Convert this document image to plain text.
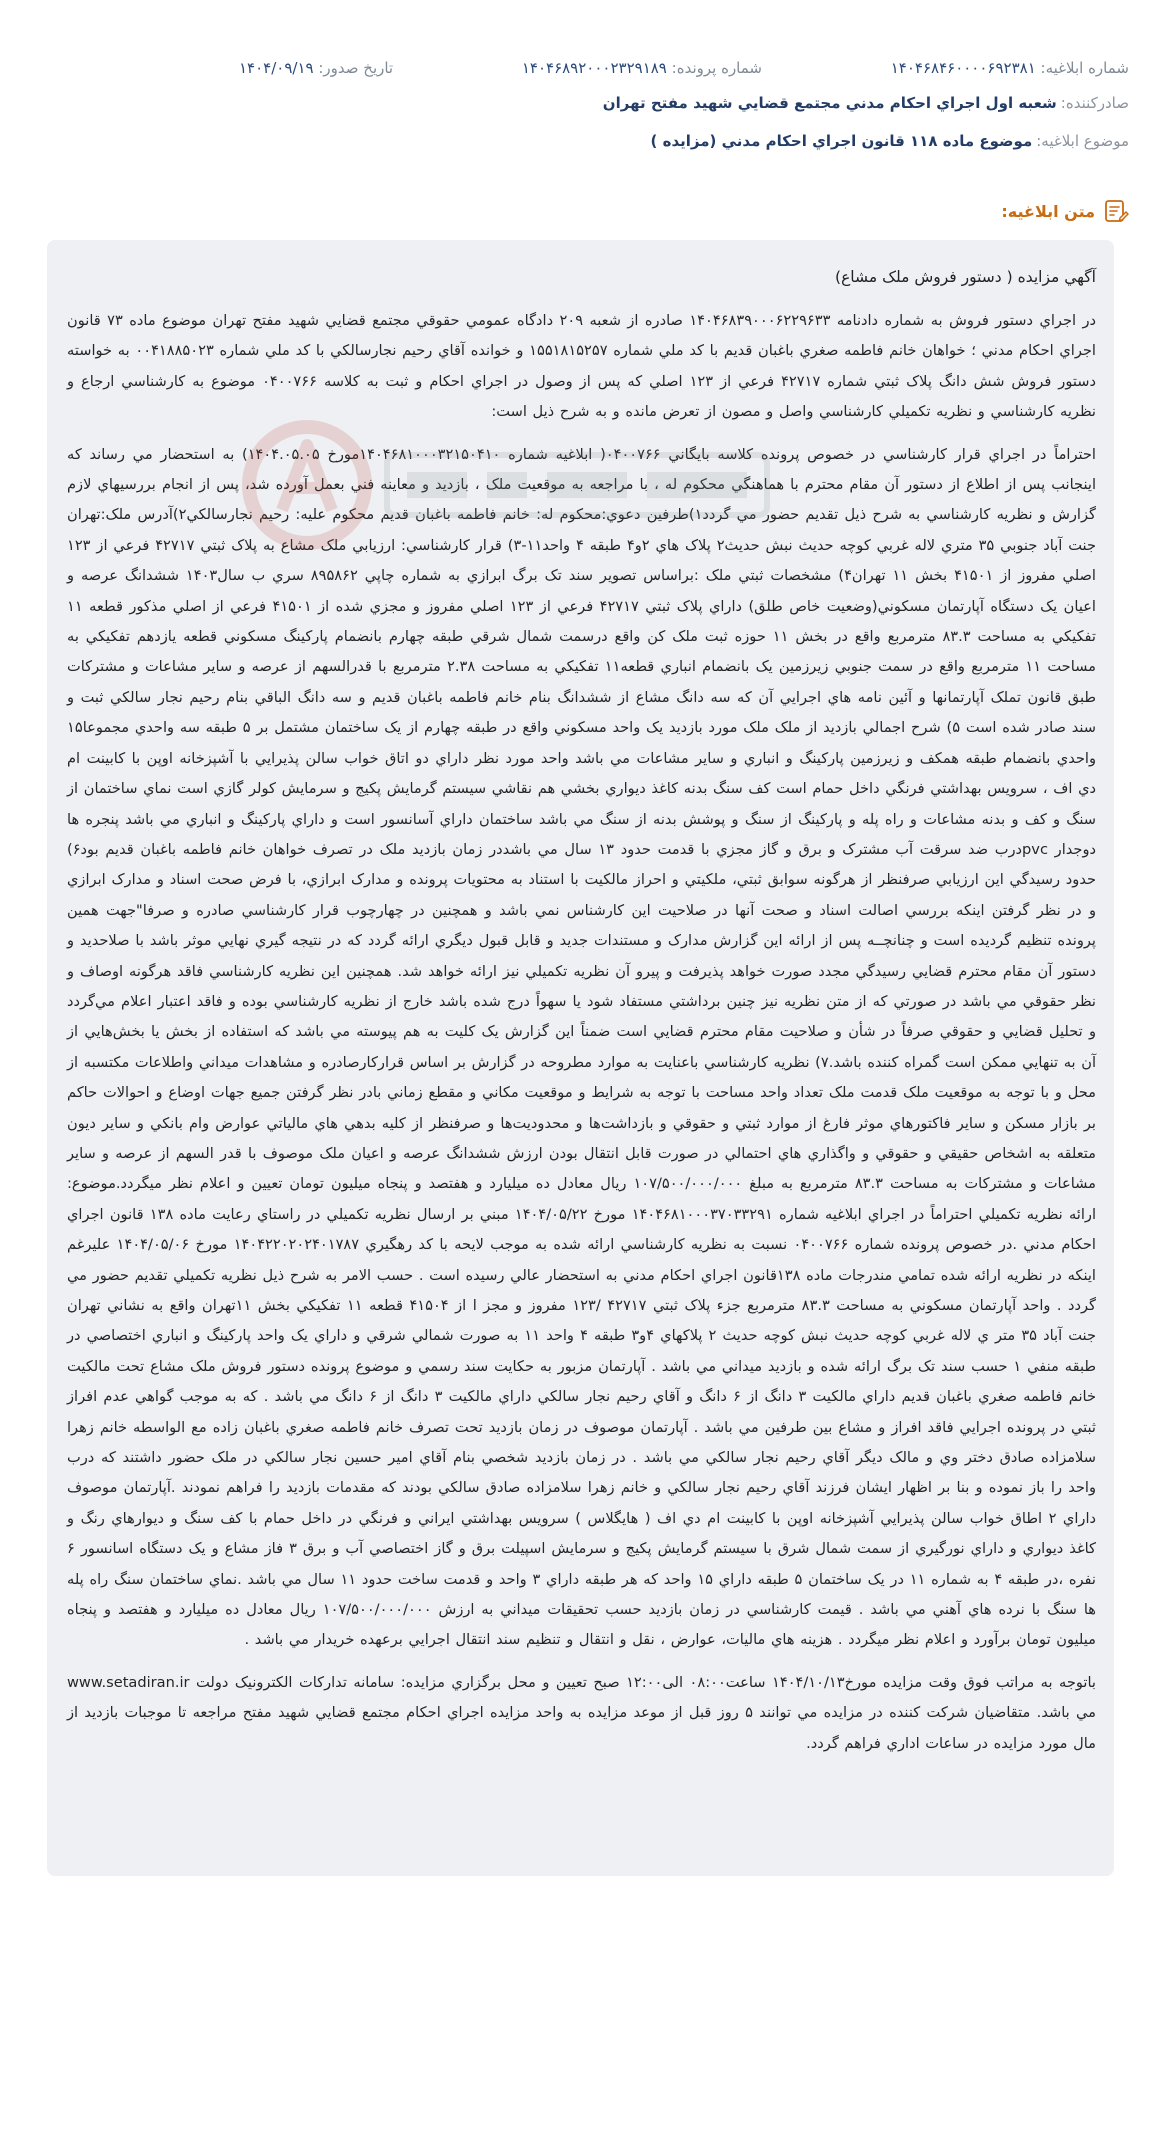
شماره ابلاغيه: ۱۴۰۴۶۸۴۶۰۰۰۰۶۹۲۳۸۱
شماره پرونده: ۱۴۰۴۶۸۹۲۰۰۰۲۳۲۹۱۸۹
تاريخ صدور: ۱۴۰۴/۰۹/۱۹
صادرکننده:
شعبه اول اجراي احكام مدني مجتمع قضايي شهيد مفتح تهران
موضوع ابلاغيه:
موضوع ماده ۱۱۸ قانون اجراي احکام مدني (مزايده )
متن ابلاغيه:
آگهي مزايده ( دستور فروش ملک مشاع)

در اجراي دستور فروش به شماره دادنامه ۱۴۰۴۶۸۳۹۰۰۰۶۲۲۹۶۳۳ صادره از شعبه ۲۰۹ دادگاه عمومي حقوقي مجتمع قضايي شهيد مفتح تهران موضوع ماده ۷۳ قانون اجراي احکام مدني ؛ خواهان خانم فاطمه صغري باغبان قديم با کد ملي شماره ۱۵۵۱۸۱۵۲۵۷ و خوانده آقاي رحيم نجارسالکي با کد ملي شماره ۰۰۴۱۸۸۵۰۲۳ به خواسته دستور فروش شش دانگ پلاک ثبتي شماره ۴۲۷۱۷ فرعي از ۱۲۳ اصلي که پس از وصول در اجراي احکام و ثبت به کلاسه ۰۴۰۰۷۶۶ موضوع به کارشناسي ارجاع و نظريه کارشناسي و نظريه تکميلي کارشناسي واصل و مصون از تعرض مانده و به شرح ذيل است:

احتراماً در اجراي قرار کارشناسي در خصوص پرونده کلاسه بايگاني ۰۴۰۰۷۶۶( ابلاغيه شماره ۱۴۰۴۶۸۱۰۰۰۳۲۱۵۰۴۱۰مورخ ۱۴۰۴.۰۵.۰۵) به استحضار مي رساند که اينجانب پس از اطلاع از دستور آن مقام محترم با هماهنگي محکوم له ، با مراجعه به موقعيت ملک ، بازديد و معاينه فني بعمل آورده شد، پس از انجام بررسيهاي لازم گزارش و نظريه کارشناسي به شرح ذيل تقديم حضور مي گردد۱)طرفين دعوي:محکوم له: خانم فاطمه باغبان قديم محکوم عليه: رحيم نجارسالکي۲)آدرس ملک:تهران جنت آباد جنوبي ۳۵ متري لاله غربي کوچه حديث نبش حديث۲ پلاک هاي ۲و۴ طبقه ۴ واحد۱۱-۳) قرار کارشناسي: ارزيابي ملک مشاع به پلاک ثبتي ۴۲۷۱۷ فرعي از ۱۲۳ اصلي مفروز از ۴۱۵۰۱ بخش ۱۱ تهران۴) مشخصات ثبتي ملک :براساس تصوير سند تک برگ ابرازي به شماره چاپي ۸۹۵۸۶۲ سري ب سال۱۴۰۳ ششدانگ عرصه و اعيان يک دستگاه آپارتمان مسکوني(وضعيت خاص طلق) داراي پلاک ثبتي ۴۲۷۱۷ فرعي از ۱۲۳ اصلي مفروز و مجزي شده از ۴۱۵۰۱ فرعي از اصلي مذکور قطعه ۱۱ تفکيکي به مساحت ۸۳.۳ مترمربع واقع در بخش ۱۱ حوزه ثبت ملک کن واقع درسمت شمال شرقي طبقه چهارم بانضمام پارکينگ مسکوني قطعه يازدهم تفکيکي به مساحت ۱۱ مترمربع واقع در سمت جنوبي زيرزمين يک بانضمام انباري قطعه۱۱ تفکيکي به مساحت ۲.۳۸ مترمربع با قدرالسهم از عرصه و ساير مشاعات و مشترکات طبق قانون تملک آپارتمانها و آئين نامه هاي اجرايي آن که سه دانگ مشاع از ششدانگ بنام خانم فاطمه باغبان قديم و سه دانگ الباقي بنام رحيم نجار سالکي ثبت و سند صادر شده است ۵) شرح اجمالي بازديد از ملک ملک مورد بازديد يک واحد مسکوني واقع در طبقه چهارم از يک ساختمان مشتمل بر ۵ طبقه سه واحدي مجموعا۱۵ واحدي بانضمام طبقه همکف و زيرزمين پارکينگ و انباري و ساير مشاعات مي باشد واحد مورد نظر داراي دو اتاق خواب سالن پذيرايي با آشپزخانه اوپن با کابينت ام دي اف ، سرويس بهداشتي فرنگي داخل حمام است کف سنگ بدنه کاغذ ديواري بخشي هم نقاشي سيستم گرمايش پکيج و سرمايش کولر گازي است نماي ساختمان از سنگ و کف و بدنه مشاعات و راه پله و پارکينگ از سنگ و پوشش بدنه از سنگ مي باشد ساختمان داراي آسانسور است و داراي پارکينگ و انباري مي باشد پنجره ها دوجدار pvcدرب ضد سرقت آب مشترک و برق و گاز مجزي با قدمت حدود ۱۳ سال مي باشددر زمان بازديد ملک در تصرف خواهان خانم فاطمه باغبان قديم بود۶) حدود رسيدگي اين ارزيابي صرفنظر از هرگونه سوابق ثبتي، ملکيتي و احراز مالکيت با استناد به محتويات پرونده و مدارک ابرازي، با فرض صحت اسناد و مدارک ابرازي و در نظر گرفتن اينکه بررسي اصالت اسناد و صحت آنها در صلاحيت اين کارشناس نمي باشد و همچنين در چهارچوب قرار کارشناسي صادره و صرفا"جهت همين پرونده تنظيم گرديده است و چنانچــه پس از ارائه اين گزارش مدارک و مستندات جديد و قابل قبول ديگري ارائه گردد که در نتيجه گيري نهايي موثر باشد با صلاحديد و دستور آن مقام محترم قضايي رسيدگي مجدد صورت خواهد پذيرفت و پيرو آن نظريه تکميلي نيز ارائه خواهد شد. همچنين اين نظريه کارشناسي فاقد هرگونه اوصاف و نظر حقوقي مي باشد در صورتي که از متن نظريه نيز چنين برداشتي مستفاد شود يا سهواً درج شده باشد خارج از نظريه کارشناسي بوده و فاقد اعتبار اعلام مي‌گردد و تحليل قضايي و حقوقي صرفاً در شأن و صلاحيت مقام محترم قضايي است ضمناً اين گزارش يک کليت به هم پيوسته مي باشد که استفاده از بخش يا بخش‌هايي از آن به تنهايي ممکن است گمراه کننده باشد.۷) نظريه کارشناسي باعنايت به موارد مطروحه در گزارش بر اساس قرارکارصادره و مشاهدات ميداني واطلاعات مکتسبه از محل و با توجه به موقعيت ملک قدمت ملک تعداد واحد مساحت با توجه به شرايط و موقعيت مکاني و مقطع زماني بادر نظر گرفتن جميع جهات اوضاع و احوالات حاکم بر بازار مسکن و ساير فاکتورهاي موثر فارغ از موارد ثبتي و حقوقي و بازداشت‌ها و محدوديت‌ها و صرفنظر از کليه بدهي هاي مالياتي عوارض وام بانکي و ساير ديون متعلقه به اشخاص حقيقي و حقوقي و واگذاري هاي احتمالي در صورت قابل انتقال بودن ارزش ششدانگ عرصه و اعيان ملک موصوف با قدر السهم از عرصه و ساير مشاعات و مشترکات به مساحت ۸۳.۳ مترمربع به مبلغ ۱۰۷/۵۰۰/۰۰۰/۰۰۰ ريال معادل ده ميليارد و هفتصد و پنجاه ميليون تومان تعيين و اعلام نظر ميگردد.موضوع: ارائه نظريه تکميلي احتراماً در اجراي ابلاغيه شماره ۱۴۰۴۶۸۱۰۰۰۳۷۰۳۳۲۹۱ مورخ ۱۴۰۴/۰۵/۲۲ مبني بر ارسال نظريه تکميلي در راستاي رعايت ماده ۱۳۸ قانون اجراي احکام مدني .در خصوص پرونده شماره ۰۴۰۰۷۶۶ نسبت به نظريه کارشناسي ارائه شده به موجب لايحه با کد رهگيري ۱۴۰۴۲۲۰۲۰۲۴۰۱۷۸۷ مورخ ۱۴۰۴/۰۵/۰۶ عليرغم اينکه در نظريه ارائه شده تمامي مندرجات ماده ۱۳۸قانون اجراي احکام مدني به استحضار عالي رسيده است . حسب الامر به شرح ذيل نظريه تکميلي تقديم حضور مي گردد . واحد آپارتمان مسکوني به مساحت ۸۳.۳ مترمربع جزء پلاک ثبتي ۴۲۷۱۷ /۱۲۳ مفروز و مجز ا از ۴۱۵۰۴ قطعه ۱۱ تفکيکي بخش ۱۱تهران واقع به نشاني تهران جنت آباد ۳۵ متر ي لاله غربي کوچه حديث نبش کوچه حديث ۲ پلاکهاي ۴و۳ طبقه ۴ واحد ۱۱ به صورت شمالي شرقي و داراي يک واحد پارکينگ و انباري اختصاصي در طبقه منفي ۱ حسب سند تک برگ ارائه شده و بازديد ميداني مي باشد . آپارتمان مزبور به حکايت سند رسمي و موضوع پرونده دستور فروش ملک مشاع تحت مالکيت خانم فاطمه صغري باغبان قديم داراي مالکيت ۳ دانگ از ۶ دانگ و آقاي رحيم نجار سالکي داراي مالکيت ۳ دانگ از ۶ دانگ مي باشد . که به موجب گواهي عدم افراز ثبتي در پرونده اجرايي فاقد افراز و مشاع بين طرفين مي باشد . آپارتمان موصوف در زمان بازديد تحت تصرف خانم فاطمه صغري باغبان زاده مع الواسطه خانم زهرا سلامزاده صادق دختر وي و مالک ديگر آقاي رحيم نجار سالکي مي باشد . در زمان بازديد شخصي بنام آقاي امير حسين نجار سالکي در ملک حضور داشتند که درب واحد را باز نموده و بنا بر اظهار ايشان فرزند آقاي رحيم نجار سالکي و خانم زهرا سلامزاده صادق سالکي بودند که مقدمات بازديد را فراهم نمودند .آپارتمان موصوف داراي ۲ اطاق خواب سالن پذيرايي آشپزخانه اوپن با کابينت ام دي اف ( هايگلاس ) سرويس بهداشتي ايراني و فرنگي در داخل حمام با کف سنگ و ديوارهاي رنگ و کاغذ ديواري و داراي نورگيري از سمت شمال شرق با سيستم گرمايش پکيج و سرمايش اسپيلت برق و گاز اختصاصي آب و برق ۳ فاز مشاع و يک دستگاه اسانسور ۶ نفره ،در طبقه ۴ به شماره ۱۱ در يک ساختمان ۵ طبقه داراي ۱۵ واحد که هر طبقه داراي ۳ واحد و قدمت ساخت حدود ۱۱ سال مي باشد .نماي ساختمان سنگ راه پله ها سنگ با نرده هاي آهني مي باشد . قيمت کارشناسي در زمان بازديد حسب تحقيقات ميداني به ارزش ۱۰۷/۵۰۰/۰۰۰/۰۰۰ ريال معادل ده ميليارد و هفتصد و پنجاه ميليون تومان برآورد و اعلام نظر ميگردد . هزينه هاي ماليات، عوارض ، نقل و انتقال و تنظيم سند انتقال اجرايي برعهده خريدار مي باشد .

باتوجه به مراتب فوق وقت مزايده مورخ۱۴۰۴/۱۰/۱۳ ساعت۰۸:۰۰ الی۱۲:۰۰ صبح تعيين و محل برگزاري مزايده: سامانه تدارکات الکترونيک دولت www.setadiran.ir مي باشد. متقاضيان شرکت کننده در مزايده مي توانند ۵ روز قبل از موعد مزايده به واحد مزايده اجراي احکام مجتمع قضايي شهيد مفتح مراجعه تا موجبات بازديد از مال مورد مزايده در ساعات اداري فراهم گردد.
